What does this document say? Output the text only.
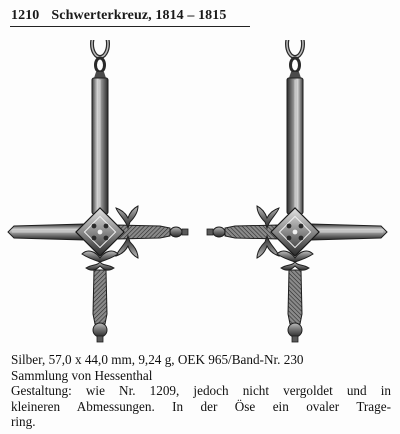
1210 Schwerterkreuz, 1814 – 1815
Silber, 57,0 x 44,0 mm, 9,24 g, OEK 965/Band-Nr. 230
Sammlung von Hessenthal
Gestaltung: wie Nr. 1209, jedoch nicht vergoldet und in
kleineren Abmessungen. In der Öse ein ovaler Trage-
ring.
